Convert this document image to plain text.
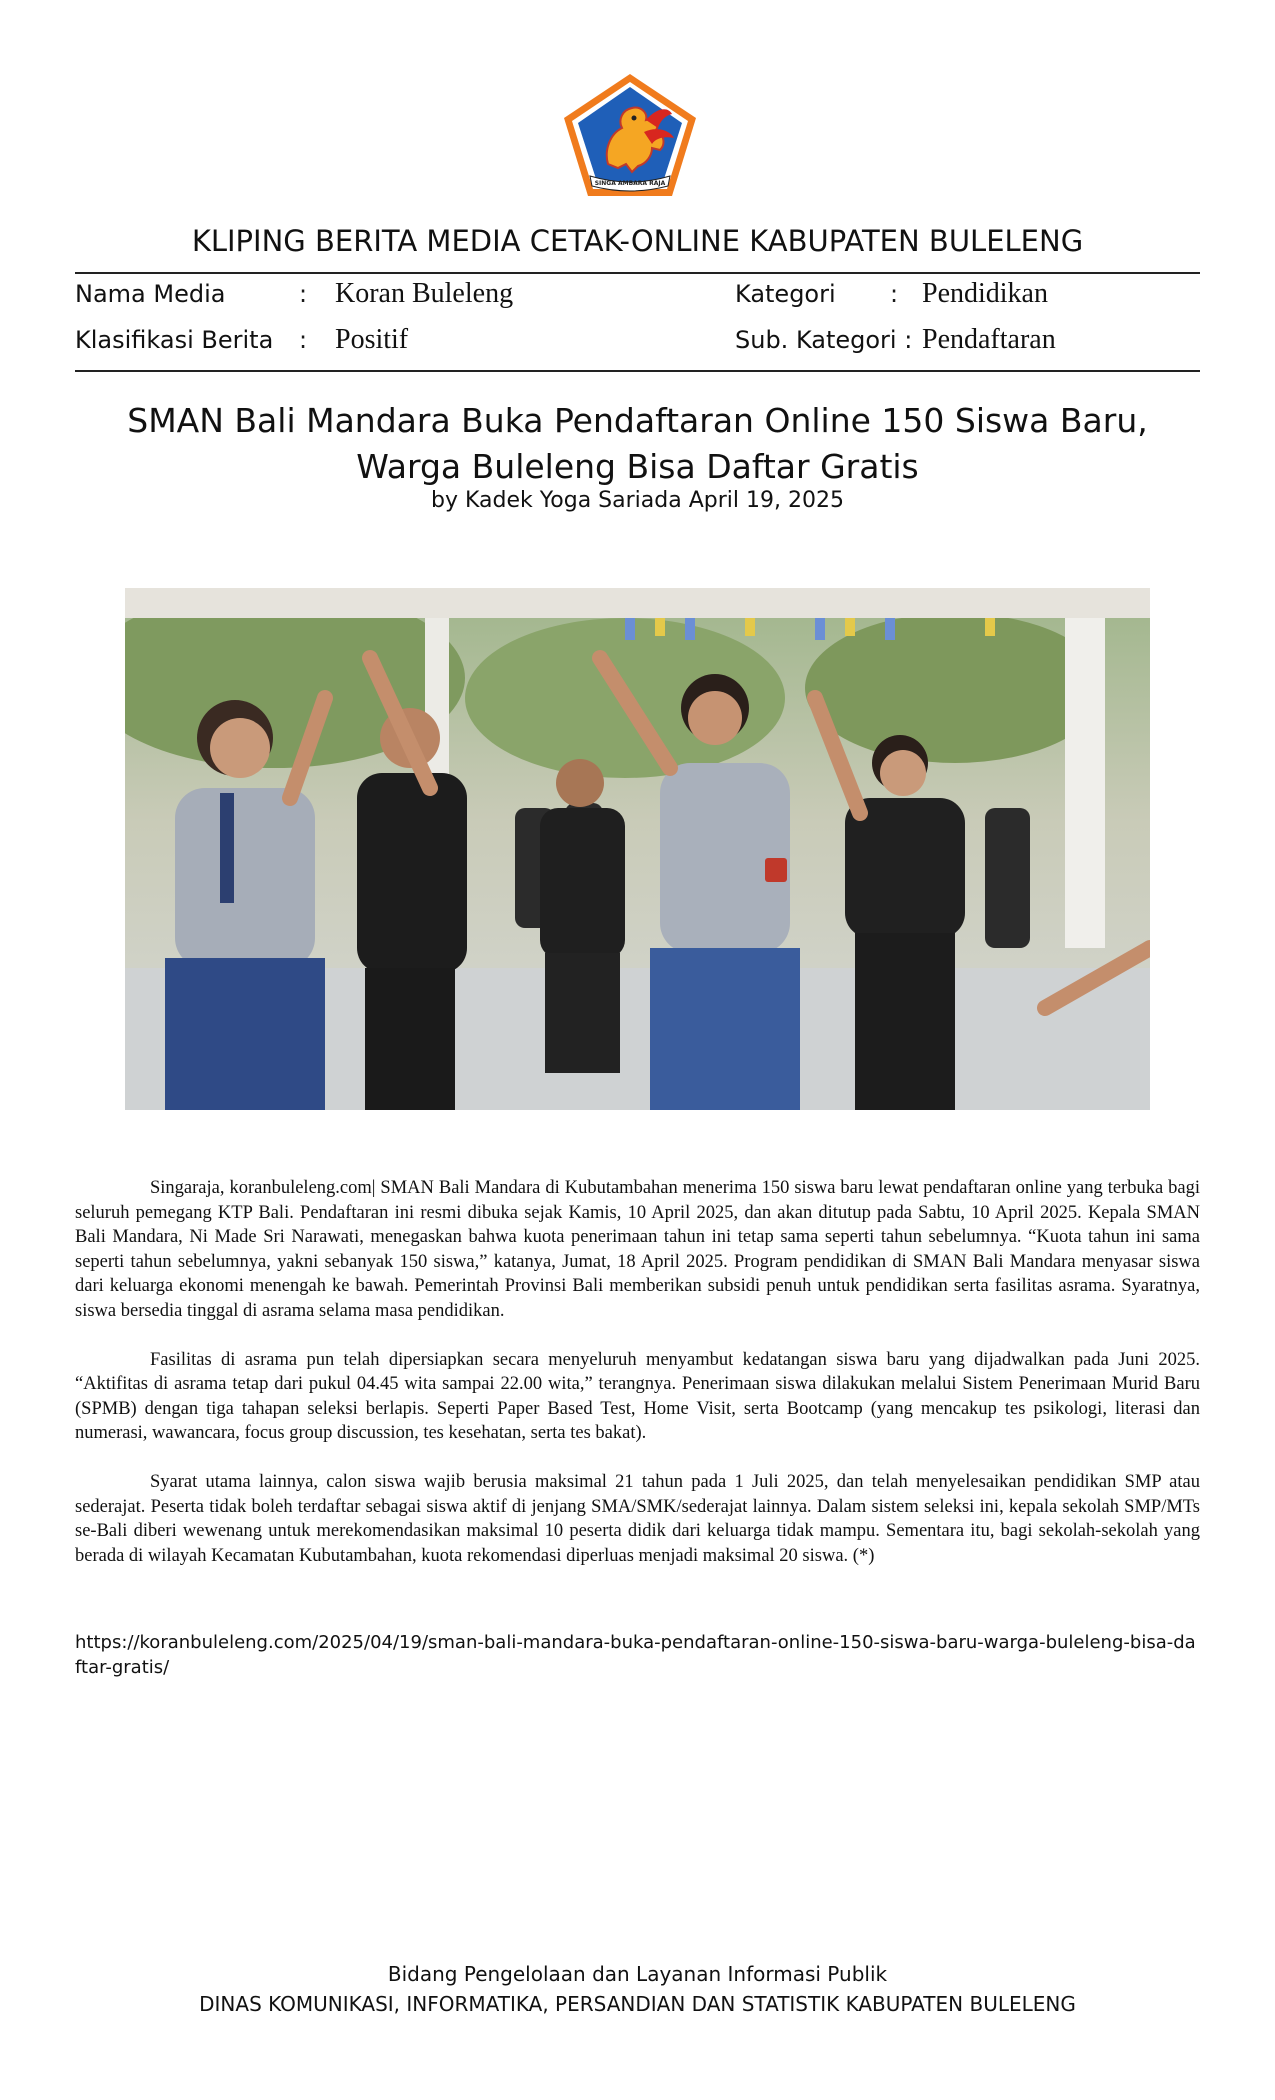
SINGA AMBARA RAJA
KLIPING BERITA MEDIA CETAK-ONLINE KABUPATEN BULELENG
Nama Media	: Koran Buleleng	Kategori : Pendidikan
Klasifikasi Berita : Positif	Sub. Kategori : Pendaftaran
SMAN Bali Mandara Buka Pendaftaran Online 150 Siswa Baru,
Warga Buleleng Bisa Daftar Gratis
by Kadek Yoga Sariada April 19, 2025

Singaraja, koranbuleleng.com| SMAN Bali Mandara di Kubutambahan menerima 150 siswa baru lewat pendaftaran online yang terbuka bagi seluruh pemegang KTP Bali. Pendaftaran ini resmi dibuka sejak Kamis, 10 April 2025, dan akan ditutup pada Sabtu, 10 April 2025. Kepala SMAN Bali Mandara, Ni Made Sri Narawati, menegaskan bahwa kuota penerimaan tahun ini tetap sama seperti tahun sebelumnya. “Kuota tahun ini sama seperti tahun sebelumnya, yakni sebanyak 150 siswa,” katanya, Jumat, 18 April 2025. Program pendidikan di SMAN Bali Mandara menyasar siswa dari keluarga ekonomi menengah ke bawah. Pemerintah Provinsi Bali memberikan subsidi penuh untuk pendidikan serta fasilitas asrama. Syaratnya, siswa bersedia tinggal di asrama selama masa pendidikan.

Fasilitas di asrama pun telah dipersiapkan secara menyeluruh menyambut kedatangan siswa baru yang dijadwalkan pada Juni 2025. “Aktifitas di asrama tetap dari pukul 04.45 wita sampai 22.00 wita,” terangnya. Penerimaan siswa dilakukan melalui Sistem Penerimaan Murid Baru (SPMB) dengan tiga tahapan seleksi berlapis. Seperti Paper Based Test, Home Visit, serta Bootcamp (yang mencakup tes psikologi, literasi dan numerasi, wawancara, focus group discussion, tes kesehatan, serta tes bakat).

Syarat utama lainnya, calon siswa wajib berusia maksimal 21 tahun pada 1 Juli 2025, dan telah menyelesaikan pendidikan SMP atau sederajat. Peserta tidak boleh terdaftar sebagai siswa aktif di jenjang SMA/SMK/sederajat lainnya. Dalam sistem seleksi ini, kepala sekolah SMP/MTs se-Bali diberi wewenang untuk merekomendasikan maksimal 10 peserta didik dari keluarga tidak mampu. Sementara itu, bagi sekolah-sekolah yang berada di wilayah Kecamatan Kubutambahan, kuota rekomendasi diperluas menjadi maksimal 20 siswa. (*)

https://koranbuleleng.com/2025/04/19/sman-bali-mandara-buka-pendaftaran-online-150-siswa-baru-warga-buleleng-bisa-daftar-gratis/
Bidang Pengelolaan dan Layanan Informasi Publik
DINAS KOMUNIKASI, INFORMATIKA, PERSANDIAN DAN STATISTIK KABUPATEN BULELENG
